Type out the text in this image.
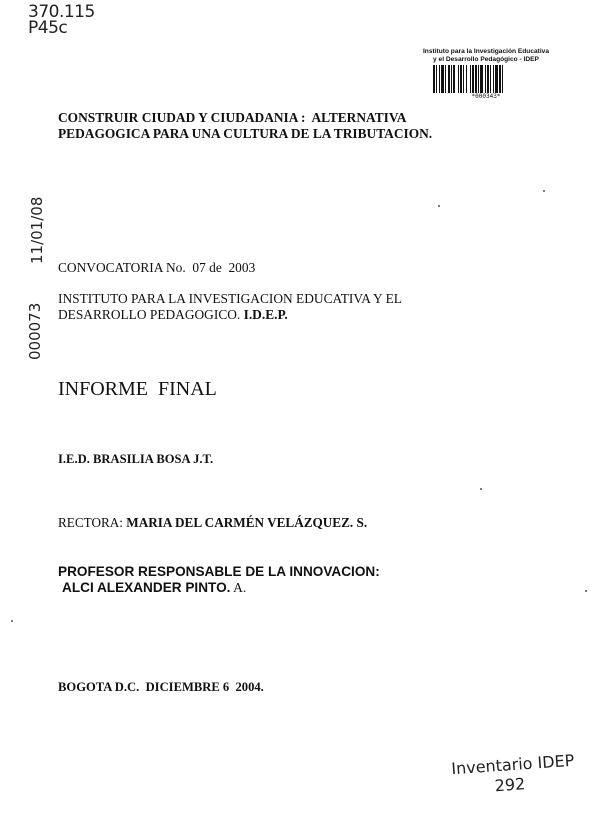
370.115
P45c
Instituto para la Investigación Educativa
y el Desarrollo Pedagógico - IDEP
*000343*
CONSTRUIR CIUDAD Y CIUDADANIA :  ALTERNATIVA
PEDAGOGICA PARA UNA CULTURA DE LA TRIBUTACION.
11/01/08
000073
CONVOCATORIA No.  07 de  2003
INSTITUTO PARA LA INVESTIGACION EDUCATIVA Y EL
DESARROLLO PEDAGOGICO. I.D.E.P.
INFORME  FINAL
I.E.D. BRASILIA BOSA J.T.
RECTORA: MARIA DEL CARMÉN VELÁZQUEZ. S.
PROFESOR RESPONSABLE DE LA INNOVACION:
ALCI ALEXANDER PINTO. A.
BOGOTA D.C.  DICIEMBRE 6  2004.
Inventario IDEP
292
